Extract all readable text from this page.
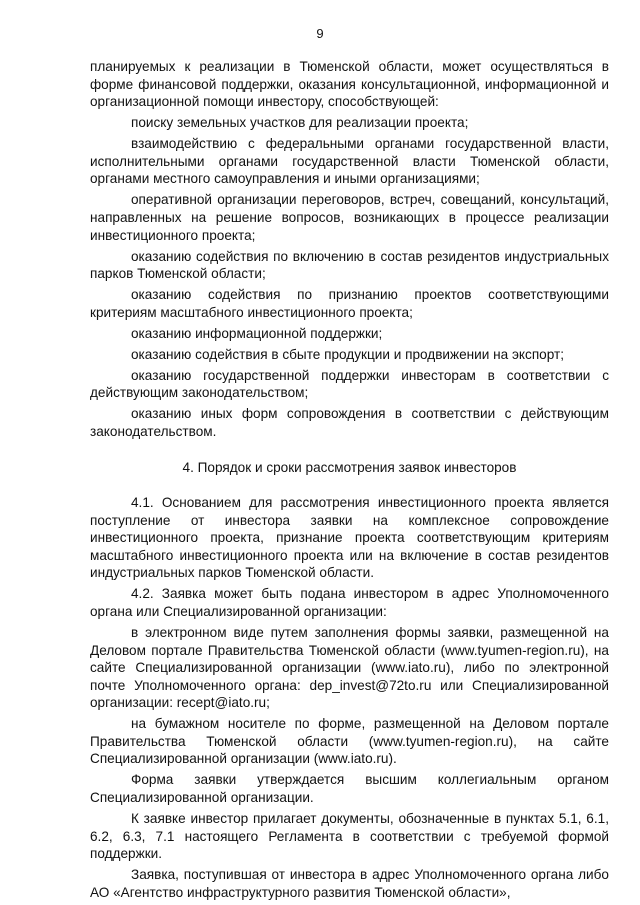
9

планируемых к реализации в Тюменской области, может осуществляться в форме финансовой поддержки, оказания консультационной, информационной и организационной помощи инвестору, способствующей:

поиску земельных участков для реализации проекта;

взаимодействию с федеральными органами государственной власти, исполнительными органами государственной власти Тюменской области, органами местного самоуправления и иными организациями;

оперативной организации переговоров, встреч, совещаний, консультаций, направленных на решение вопросов, возникающих в процессе реализации инвестиционного проекта;

оказанию содействия по включению в состав резидентов индустриальных парков Тюменской области;

оказанию содействия по признанию проектов соответствующими критериям масштабного инвестиционного проекта;

оказанию информационной поддержки;

оказанию содействия в сбыте продукции и продвижении на экспорт;

оказанию государственной поддержки инвесторам в соответствии с действующим законодательством;

оказанию иных форм сопровождения в соответствии с действующим законодательством.

4. Порядок и сроки рассмотрения заявок инвесторов

4.1. Основанием для рассмотрения инвестиционного проекта является поступление от инвестора заявки на комплексное сопровождение инвестиционного проекта, признание проекта соответствующим критериям масштабного инвестиционного проекта или на включение в состав резидентов индустриальных парков Тюменской области.

4.2. Заявка может быть подана инвестором в адрес Уполномоченного органа или Специализированной организации:

в электронном виде путем заполнения формы заявки, размещенной на Деловом портале Правительства Тюменской области (www.tyumen-region.ru), на сайте Специализированной организации (www.iato.ru), либо по электронной почте Уполномоченного органа: dep_invest@72to.ru или Специализированной организации: recept@iato.ru;

на бумажном носителе по форме, размещенной на Деловом портале Правительства Тюменской области (www.tyumen-region.ru), на сайте Специализированной организации (www.iato.ru).

Форма заявки утверждается высшим коллегиальным органом Специализированной организации.

К заявке инвестор прилагает документы, обозначенные в пунктах 5.1, 6.1, 6.2, 6.3, 7.1 настоящего Регламента в соответствии с требуемой формой поддержки.

Заявка, поступившая от инвестора в адрес Уполномоченного органа либо АО «Агентство инфраструктурного развития Тюменской области»,
